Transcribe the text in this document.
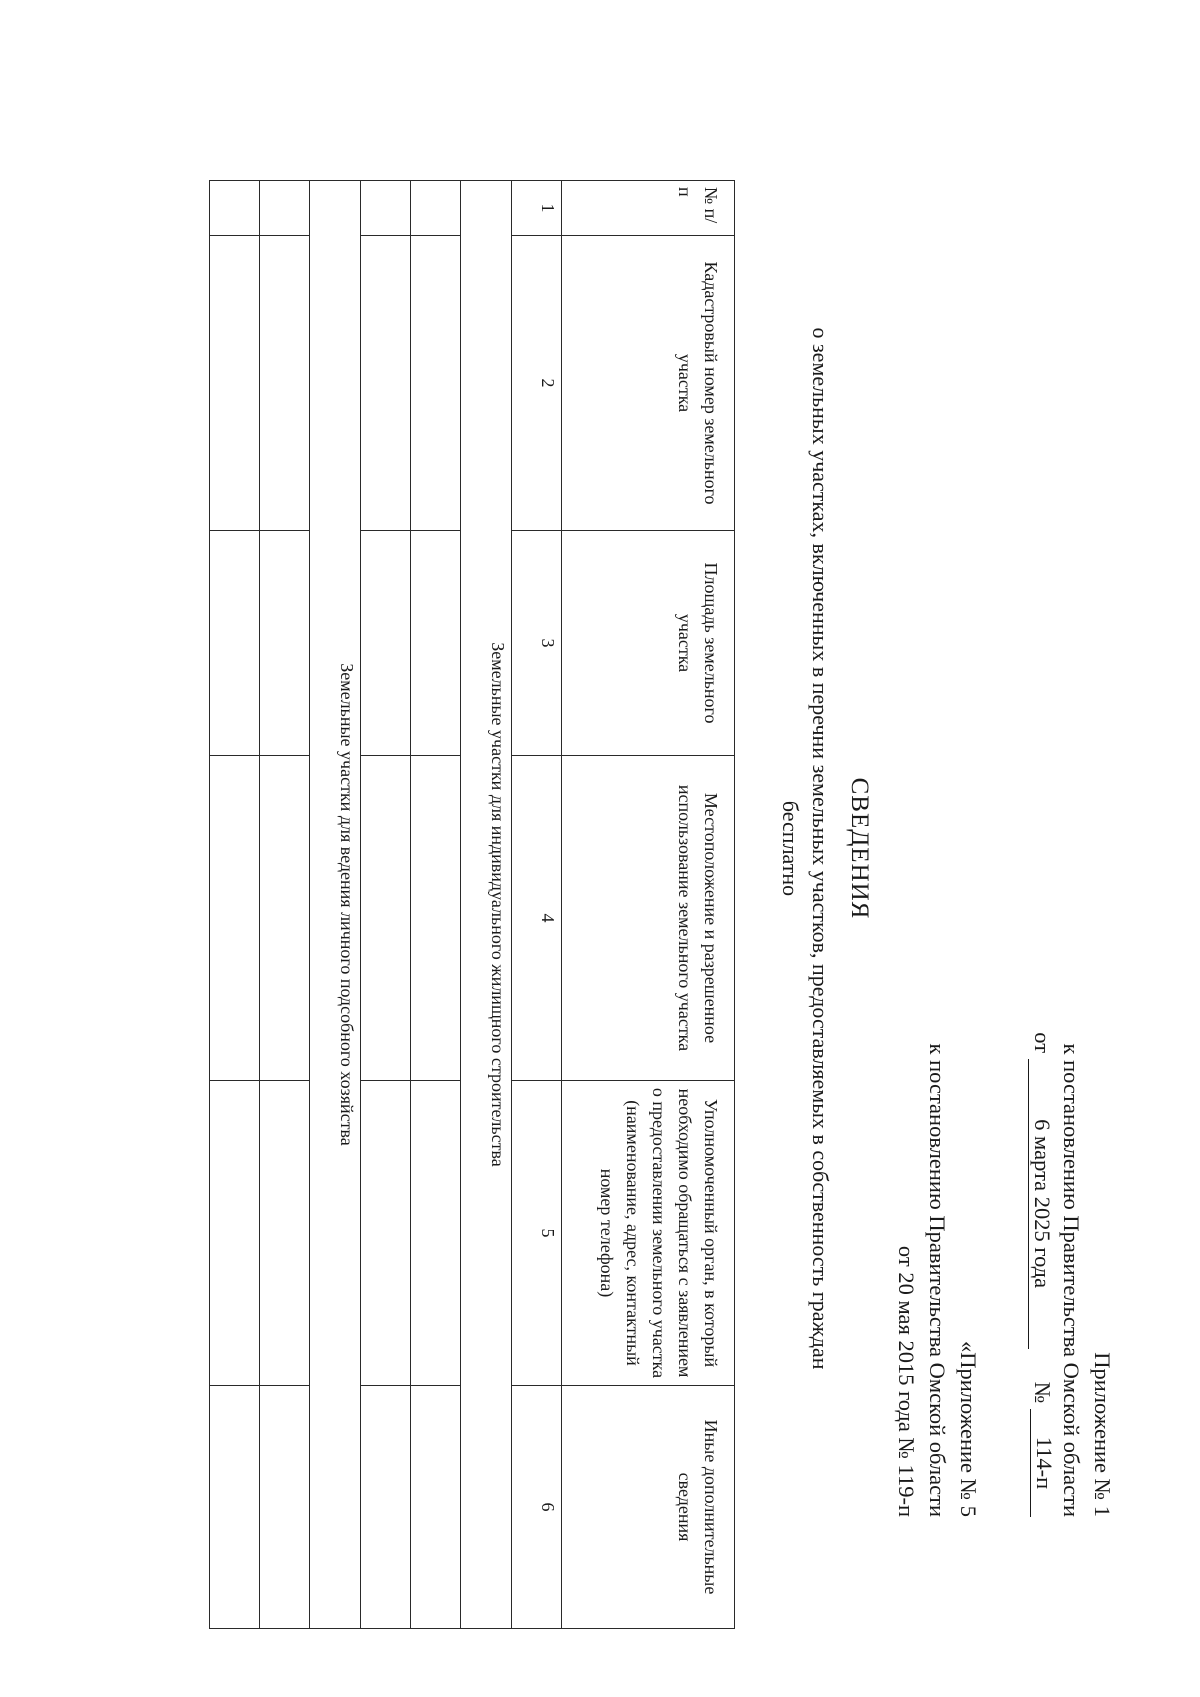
Приложение № 1
к постановлению Правительства Омской области
от 6 марта 2025 года  № 114-п
«Приложение № 5
к постановлению Правительства Омской области
от 20 мая 2015 года № 119-п
СВЕДЕНИЯ
о земельных участках, включенных в перечни земельных участков, предоставляемых в собственность граждан
бесплатно
№ п/п	Кадастровый номер земельного участка	Площадь земельного участка	Местоположение и разрешенное использование земельного участка	Уполномоченный орган, в который необходимо обращаться с заявлением о предоставлении земельного участка (наименование, адрес, контактный номер телефона)	Иные дополнительные сведения
1	2	3	4	5	6
Земельные участки для индивидуального жилищного строительства					

Земельные участки для ведения личного подсобного хозяйства					
